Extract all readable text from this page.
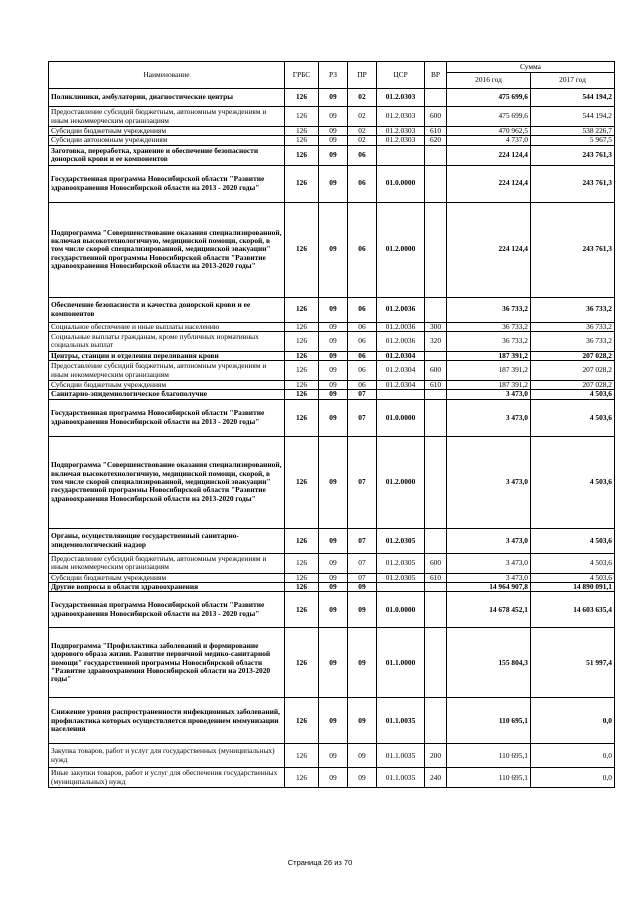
Наименование	ГРБС	РЗ	ПР	ЦСР	ВР	Сумма	
						2016 год	2017 год
Поликлиники, амбулатории, диагностические центры	126	09	02	01.2.0303		475 699,6	544 194,2
Предоставление субсидий бюджетным, автономным учреждениям и иным некоммерческим организациям	126	09	02	01.2.0303	600	475 699,6	544 194,2
Субсидии бюджетным учреждениям	126	09	02	01.2.0303	610	470 962,5	538 226,7
Субсидии автономным учреждениям	126	09	02	01.2.0303	620	4 737,0	5 967,5
Заготовка, переработка, хранение и обеспечение безопасности донорской крови и ее компонентов	126	09	06			224 124,4	243 761,3
Государственная программа Новосибирской области "Развитие здравоохранения Новосибирской области на 2013 - 2020 годы"	126	09	06	01.0.0000		224 124,4	243 761,3
Подпрограмма "Совершенствование оказания специализированной, включая высокотехнологичную, медицинской помощи, скорой, в том числе скорой специализированной, медицинской эвакуации" государственной программы Новосибирской области "Развитие здравоохранения Новосибирской области на 2013-2020 годы"	126	09	06	01.2.0000		224 124,4	243 761,3
Обеспечение безопасности и качества донорской крови и ее компонентов	126	09	06	01.2.0036		36 733,2	36 733,2
Социальное обеспечение и иные выплаты населению	126	09	06	01.2.0036	300	36 733,2	36 733,2
Социальные выплаты гражданам, кроме публичных нормативных социальных выплат	126	09	06	01.2.0036	320	36 733,2	36 733,2
Центры, станции и отделения переливания крови	126	09	06	01.2.0304		187 391,2	207 028,2
Предоставление субсидий бюджетным, автономным учреждениям и иным некоммерческим организациям	126	09	06	01.2.0304	600	187 391,2	207 028,2
Субсидии бюджетным учреждениям	126	09	06	01.2.0304	610	187 391,2	207 028,2
Санитарно-эпидемиологическое благополучие	126	09	07			3 473,0	4 503,6
Государственная программа Новосибирской области "Развитие здравоохранения Новосибирской области на 2013 - 2020 годы"	126	09	07	01.0.0000		3 473,0	4 503,6
Подпрограмма "Совершенствование оказания специализированной, включая высокотехнологичную, медицинской помощи, скорой, в том числе скорой специализированной, медицинской эвакуации" государственной программы Новосибирской области "Развитие здравоохранения Новосибирской области на 2013-2020 годы"	126	09	07	01.2.0000		3 473,0	4 503,6
Органы, осуществляющие государственный санитарно-эпидемиологический надзор	126	09	07	01.2.0305		3 473,0	4 503,6
Предоставление субсидий бюджетным, автономным учреждениям и иным некоммерческим организациям	126	09	07	01.2.0305	600	3 473,0	4 503,6
Субсидии бюджетным учреждениям	126	09	07	01.2.0305	610	3 473,0	4 503,6
Другие вопросы в области здравоохранения	126	09	09			14 964 907,8	14 890 091,1
Государственная программа Новосибирской области "Развитие здравоохранения Новосибирской области на 2013 - 2020 годы"	126	09	09	01.0.0000		14 678 452,1	14 603 635,4
Подпрограмма "Профилактика заболеваний и формирование здорового образа жизни. Развитие первичной медико-санитарной помощи" государственной программы Новосибирской области "Развитие здравоохранения Новосибирской области на 2013-2020 годы"	126	09	09	01.1.0000		155 804,3	51 997,4
Снижение уровня распространенности инфекционных заболеваний, профилактика которых осуществляется проведением иммунизации населения	126	09	09	01.1.0035		110 695,1	0,0
Закупка товаров, работ и услуг для государственных (муниципальных) нужд	126	09	09	01.1.0035	200	110 695,1	0,0
Иные закупки товаров, работ и услуг для обеспечения государственных (муниципальных) нужд	126	09	09	01.1.0035	240	110 695,1	0,0
Страница 26 из 70
